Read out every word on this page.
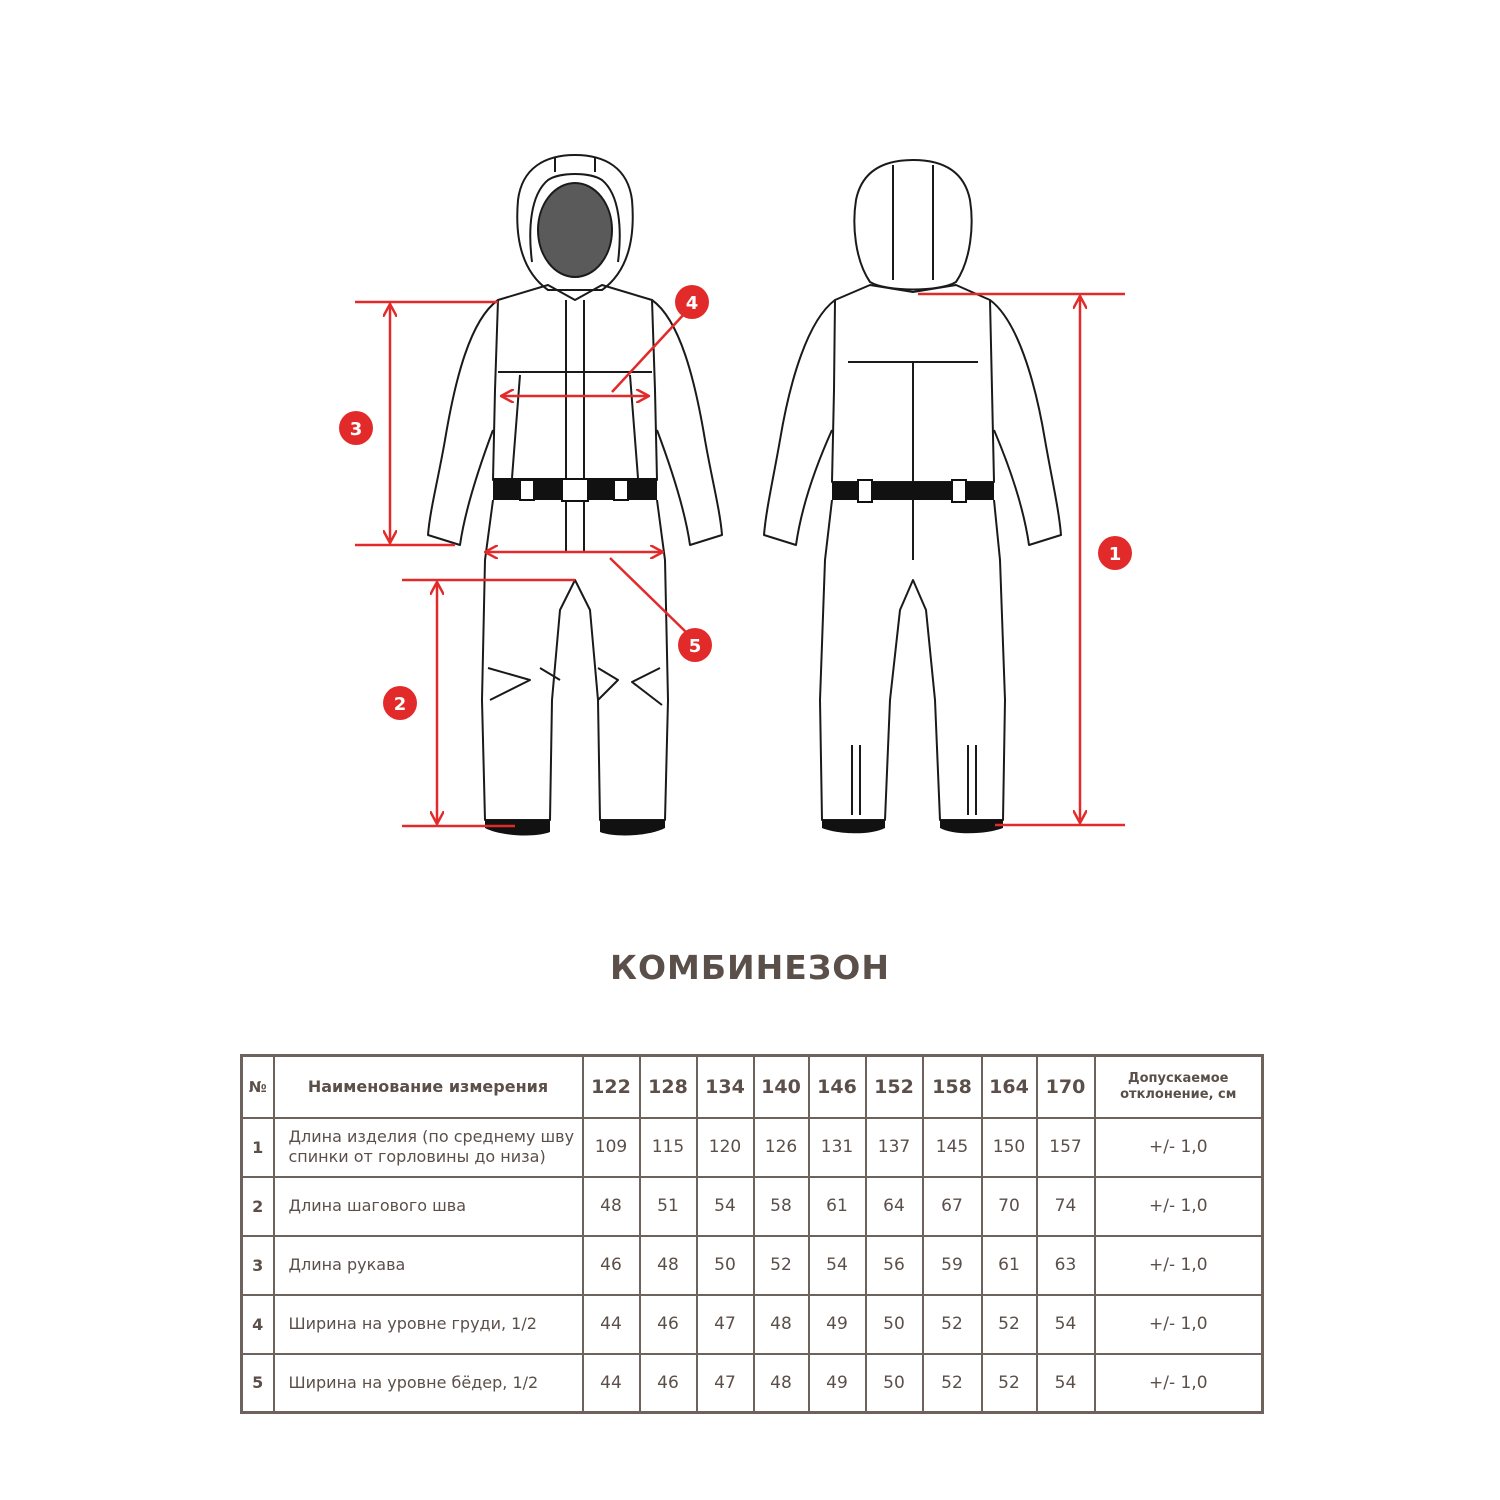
1
2
3
4
5
КОМБИНЕЗОН
№	Наименование измерения	122	128	134	140	146	152	158	164	170	Допускаемое
отклонение, см

1	Длина изделия (по среднему шву спинки от горловины до низа)	109	115	120	126	131	137	145	150	157	+/- 1,0
2	Длина шагового шва	48	51	54	58	61	64	67	70	74	+/- 1,0
3	Длина рукава	46	48	50	52	54	56	59	61	63	+/- 1,0
4	Ширина на уровне груди, 1/2	44	46	47	48	49	50	52	52	54	+/- 1,0
5	Ширина на уровне бёдер, 1/2	44	46	47	48	49	50	52	52	54	+/- 1,0
